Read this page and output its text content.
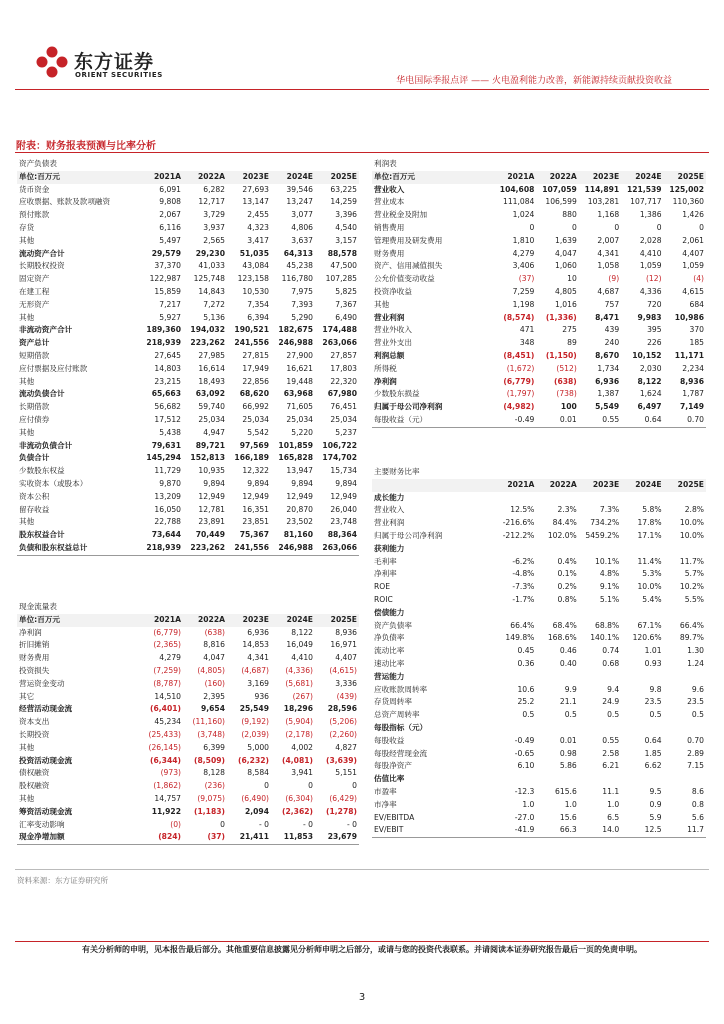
东方证券
ORIENT SECURITIES
华电国际季报点评 —— 火电盈利能力改善，新能源持续贡献投资收益
附表：财务报表预测与比率分析
资产负债表					
单位:百万元	2021A	2022A	2023E	2024E	2025E
货币资金	6,091	6,282	27,693	39,546	63,225
应收票据、账款及款项融资	9,808	12,717	13,147	13,247	14,259
预付账款	2,067	3,729	2,455	3,077	3,396
存货	6,116	3,937	4,323	4,806	4,540
其他	5,497	2,565	3,417	3,637	3,157
流动资产合计	29,579	29,230	51,035	64,313	88,578
长期股权投资	37,370	41,033	43,084	45,238	47,500
固定资产	122,987	125,748	123,158	116,780	107,285
在建工程	15,859	14,843	10,530	7,975	5,825
无形资产	7,217	7,272	7,354	7,393	7,367
其他	5,927	5,136	6,394	5,290	6,490
非流动资产合计	189,360	194,032	190,521	182,675	174,488
资产总计	218,939	223,262	241,556	246,988	263,066
短期借款	27,645	27,985	27,815	27,900	27,857
应付票据及应付账款	14,803	16,614	17,949	16,621	17,803
其他	23,215	18,493	22,856	19,448	22,320
流动负债合计	65,663	63,092	68,620	63,968	67,980
长期借款	56,682	59,740	66,992	71,605	76,451
应付债券	17,512	25,034	25,034	25,034	25,034
其他	5,438	4,947	5,542	5,220	5,237
非流动负债合计	79,631	89,721	97,569	101,859	106,722
负债合计	145,294	152,813	166,189	165,828	174,702
少数股东权益	11,729	10,935	12,322	13,947	15,734
实收资本（或股本）	9,870	9,894	9,894	9,894	9,894
资本公积	13,209	12,949	12,949	12,949	12,949
留存收益	16,050	12,781	16,351	20,870	26,040
其他	22,788	23,891	23,851	23,502	23,748
股东权益合计	73,644	70,449	75,367	81,160	88,364
负债和股东权益总计	218,939	223,262	241,556	246,988	263,066
现金流量表					
单位:百万元	2021A	2022A	2023E	2024E	2025E
净利润	(6,779)	(638)	6,936	8,122	8,936
折旧摊销	(2,365)	8,816	14,853	16,049	16,971
财务费用	4,279	4,047	4,341	4,410	4,407
投资损失	(7,259)	(4,805)	(4,687)	(4,336)	(4,615)
营运资金变动	(8,787)	(160)	3,169	(5,681)	3,336
其它	14,510	2,395	936	(267)	(439)
经营活动现金流	(6,401)	9,654	25,549	18,296	28,596
资本支出	45,234	(11,160)	(9,192)	(5,904)	(5,206)
长期投资	(25,433)	(3,748)	(2,039)	(2,178)	(2,260)
其他	(26,145)	6,399	5,000	4,002	4,827
投资活动现金流	(6,344)	(8,509)	(6,232)	(4,081)	(3,639)
债权融资	(973)	8,128	8,584	3,941	5,151
股权融资	(1,862)	(236)	0	0	0
其他	14,757	(9,075)	(6,490)	(6,304)	(6,429)
筹资活动现金流	11,922	(1,183)	2,094	(2,362)	(1,278)
汇率变动影响	(0)	0	- 0	- 0	- 0
现金净增加额	(824)	(37)	21,411	11,853	23,679
利润表					
单位:百万元	2021A	2022A	2023E	2024E	2025E
营业收入	104,608	107,059	114,891	121,539	125,002
营业成本	111,084	106,599	103,281	107,717	110,360
营业税金及附加	1,024	880	1,168	1,386	1,426
销售费用	0	0	0	0	0
管理费用及研发费用	1,810	1,639	2,007	2,028	2,061
财务费用	4,279	4,047	4,341	4,410	4,407
资产、信用减值损失	3,406	1,060	1,058	1,059	1,059
公允价值变动收益	(37)	10	(9)	(12)	(4)
投资净收益	7,259	4,805	4,687	4,336	4,615
其他	1,198	1,016	757	720	684
营业利润	(8,574)	(1,336)	8,471	9,983	10,986
营业外收入	471	275	439	395	370
营业外支出	348	89	240	226	185
利润总额	(8,451)	(1,150)	8,670	10,152	11,171
所得税	(1,672)	(512)	1,734	2,030	2,234
净利润	(6,779)	(638)	6,936	8,122	8,936
少数股东损益	(1,797)	(738)	1,387	1,624	1,787
归属于母公司净利润	(4,982)	100	5,549	6,497	7,149
每股收益（元）	-0.49	0.01	0.55	0.64	0.70
主要财务比率					
	2021A	2022A	2023E	2024E	2025E
成长能力					
营业收入	12.5%	2.3%	7.3%	5.8%	2.8%
营业利润	-216.6%	84.4%	734.2%	17.8%	10.0%
归属于母公司净利润	-212.2%	102.0%	5459.2%	17.1%	10.0%
获利能力					
毛利率	-6.2%	0.4%	10.1%	11.4%	11.7%
净利率	-4.8%	0.1%	4.8%	5.3%	5.7%
ROE	-7.3%	0.2%	9.1%	10.0%	10.2%
ROIC	-1.7%	0.8%	5.1%	5.4%	5.5%
偿债能力					
资产负债率	66.4%	68.4%	68.8%	67.1%	66.4%
净负债率	149.8%	168.6%	140.1%	120.6%	89.7%
流动比率	0.45	0.46	0.74	1.01	1.30
速动比率	0.36	0.40	0.68	0.93	1.24
营运能力					
应收账款周转率	10.6	9.9	9.4	9.8	9.6
存货周转率	25.2	21.1	24.9	23.5	23.5
总资产周转率	0.5	0.5	0.5	0.5	0.5
每股指标（元）					
每股收益	-0.49	0.01	0.55	0.64	0.70
每股经营现金流	-0.65	0.98	2.58	1.85	2.89
每股净资产	6.10	5.86	6.21	6.62	7.15
估值比率					
市盈率	-12.3	615.6	11.1	9.5	8.6
市净率	1.0	1.0	1.0	0.9	0.8
EV/EBITDA	-27.0	15.6	6.5	5.9	5.6
EV/EBIT	-41.9	66.3	14.0	12.5	11.7
资料来源：东方证券研究所
有关分析师的申明，见本报告最后部分。其他重要信息披露见分析师申明之后部分，或请与您的投资代表联系。并请阅读本证券研究报告最后一页的免责申明。
3
